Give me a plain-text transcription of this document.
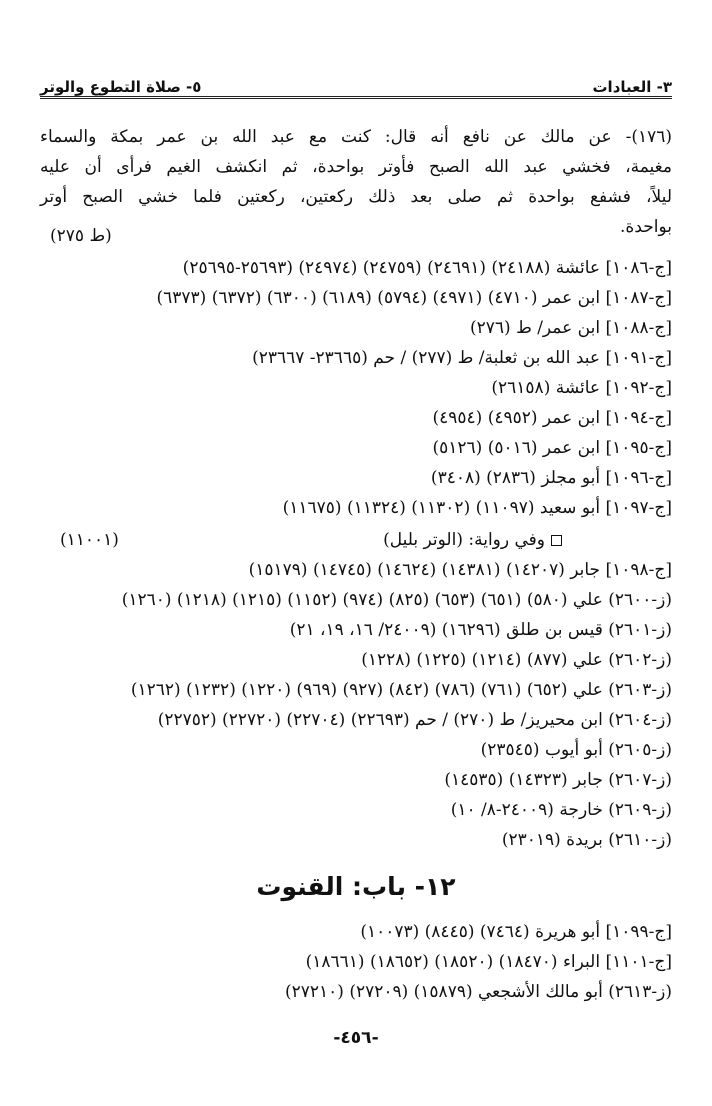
٣- العبادات
٥- صلاة التطوع والوتر
(١٧٦)- عن مالك عن نافع أنه قال: كنت مع عبد الله بن عمر بمكة والسماء
مغيمة، فخشي عبد الله الصبح فأوتر بواحدة، ثم انكشف الغيم فرأى أن عليه
ليلاً، فشفع بواحدة ثم صلى بعد ذلك ركعتين، ركعتين فلما خشي الصبح أوتر
بواحدة.
(ط ٢٧٥)
[ج-١٠٨٦] عائشة (٢٤١٨٨) (٢٤٦٩١) (٢٤٧٥٩) (٢٤٩٧٤) (٢٥٦٩٣-٢٥٦٩٥)
[ج-١٠٨٧] ابن عمر (٤٧١٠) (٤٩٧١) (٥٧٩٤) (٦١٨٩) (٦٣٠٠) (٦٣٧٢) (٦٣٧٣)
[ج-١٠٨٨] ابن عمر/ ط (٢٧٦)
[ج-١٠٩١] عبد الله بن ثعلبة/ ط (٢٧٧) / حم (٢٣٦٦٥- ٢٣٦٦٧)
[ج-١٠٩٢] عائشة (٢٦١٥٨)
[ج-١٠٩٤] ابن عمر (٤٩٥٢) (٤٩٥٤)
[ج-١٠٩٥] ابن عمر (٥٠١٦) (٥١٢٦)
[ج-١٠٩٦] أبو مجلز (٢٨٣٦) (٣٤٠٨)
[ج-١٠٩٧] أبو سعيد (١١٠٩٧) (١١٣٠٢) (١١٣٢٤) (١١٦٧٥)
وفي رواية: (الوتر بليل)
(١١٠٠١)
[ج-١٠٩٨] جابر (١٤٢٠٧) (١٤٣٨١) (١٤٦٢٤) (١٤٧٤٥) (١٥١٧٩)
(ز-٢٦٠٠) علي (٥٨٠) (٦٥١) (٦٥٣) (٨٢٥) (٩٧٤) (١١٥٢) (١٢١٥) (١٢١٨) (١٢٦٠)
(ز-٢٦٠١) قيس بن طلق (١٦٢٩٦) (٢٤٠٠٩/ ١٦، ١٩، ٢١)
(ز-٢٦٠٢) علي (٨٧٧) (١٢١٤) (١٢٢٥) (١٢٢٨)
(ز-٢٦٠٣) علي (٦٥٢) (٧٦١) (٧٨٦) (٨٤٢) (٩٢٧) (٩٦٩) (١٢٢٠) (١٢٣٢) (١٢٦٢)
(ز-٢٦٠٤) ابن محيريز/ ط (٢٧٠) / حم (٢٢٦٩٣) (٢٢٧٠٤) (٢٢٧٢٠) (٢٢٧٥٢)
(ز-٢٦٠٥) أبو أيوب (٢٣٥٤٥)
(ز-٢٦٠٧) جابر (١٤٣٢٣) (١٤٥٣٥)
(ز-٢٦٠٩) خارجة (٢٤٠٠٩-٨/ ١٠)
(ز-٢٦١٠) بريدة (٢٣٠١٩)
١٢- باب: القنوت
[ج-١٠٩٩] أبو هريرة (٧٤٦٤) (٨٤٤٥) (١٠٠٧٣)
[ج-١١٠١] البراء (١٨٤٧٠) (١٨٥٢٠) (١٨٦٥٢) (١٨٦٦١)
(ز-٢٦١٣) أبو مالك الأشجعي (١٥٨٧٩) (٢٧٢٠٩) (٢٧٢١٠)
-٤٥٦-
